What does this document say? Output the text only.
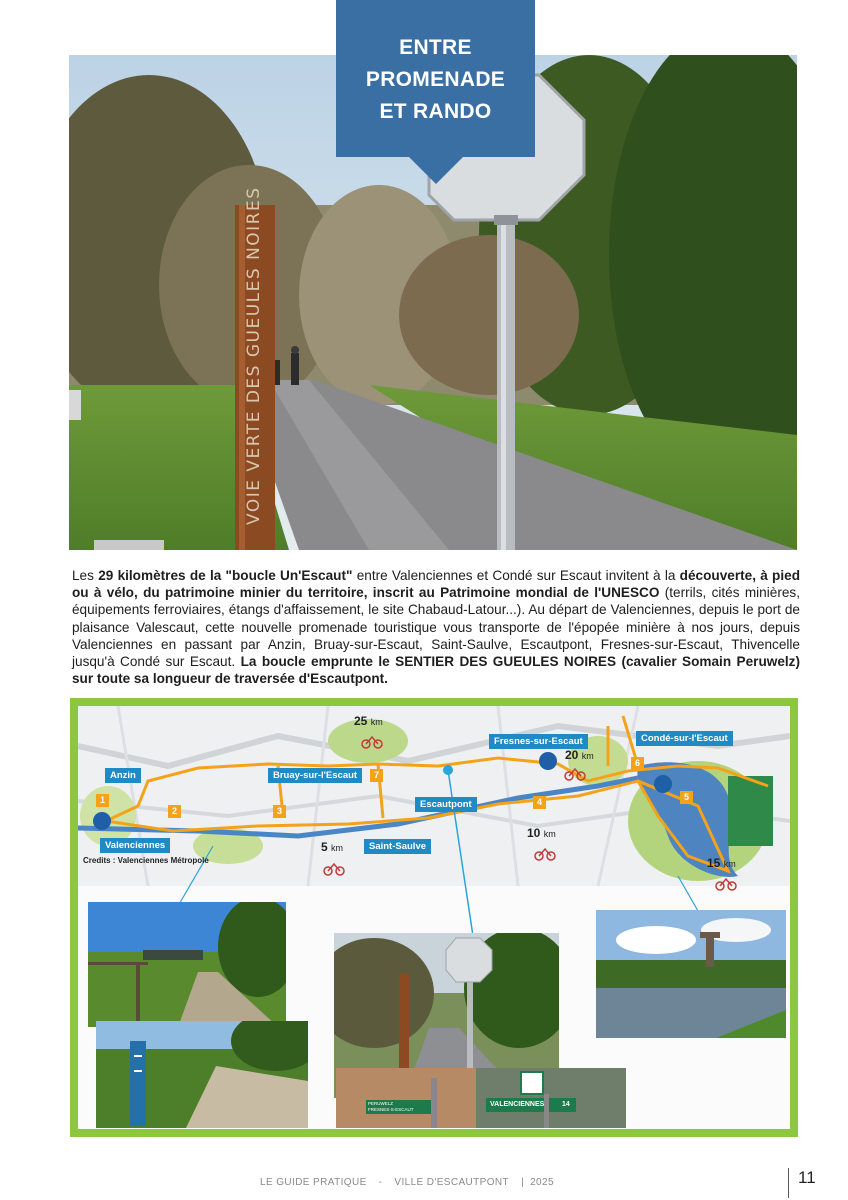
VOIE VERTE DES GUEULES NOIRES
ENTRE
PROMENADE
ET RANDO

Les 29 kilomètres de la "boucle Un'Escaut" entre Valenciennes et Condé sur Escaut invitent à la découverte, à pied ou à vélo, du patrimoine minier du territoire, inscrit au Patrimoine mondial de l'UNESCO (terrils, cités minières, équipements ferroviaires, étangs d'affaissement, le site Chabaud-Latour...). Au départ de Valenciennes, depuis le port de plaisance Valescaut, cette nouvelle promenade touristique vous transporte de l'épopée minière à nos jours, depuis Valenciennes en passant par Anzin, Bruay-sur-Escaut, Saint-Saulve, Escautpont, Fresnes-sur-Escaut, Thivencelle jusqu'à Condé sur Escaut. La boucle emprunte le SENTIER DES GUEULES NOIRES (cavalier Somain Peruwelz) sur toute sa longueur de traversée d'Escautpont.

Anzin
Valenciennes
Bruay-sur-l'Escaut
Escautpont
Saint-Saulve
Fresnes-sur-Escaut	Condé-sur-l'Escaut
25 km
20 km
10 km
5 km
15 km
1
2	3
4	5
6
7
Credits : Valenciennes Métropole
PERUWELZ
FRESNES-S-ESCAUT
VALENCIENNES	14
LE GUIDE PRATIQUE - VILLE D'ESCAUTPONT | 2025	11
